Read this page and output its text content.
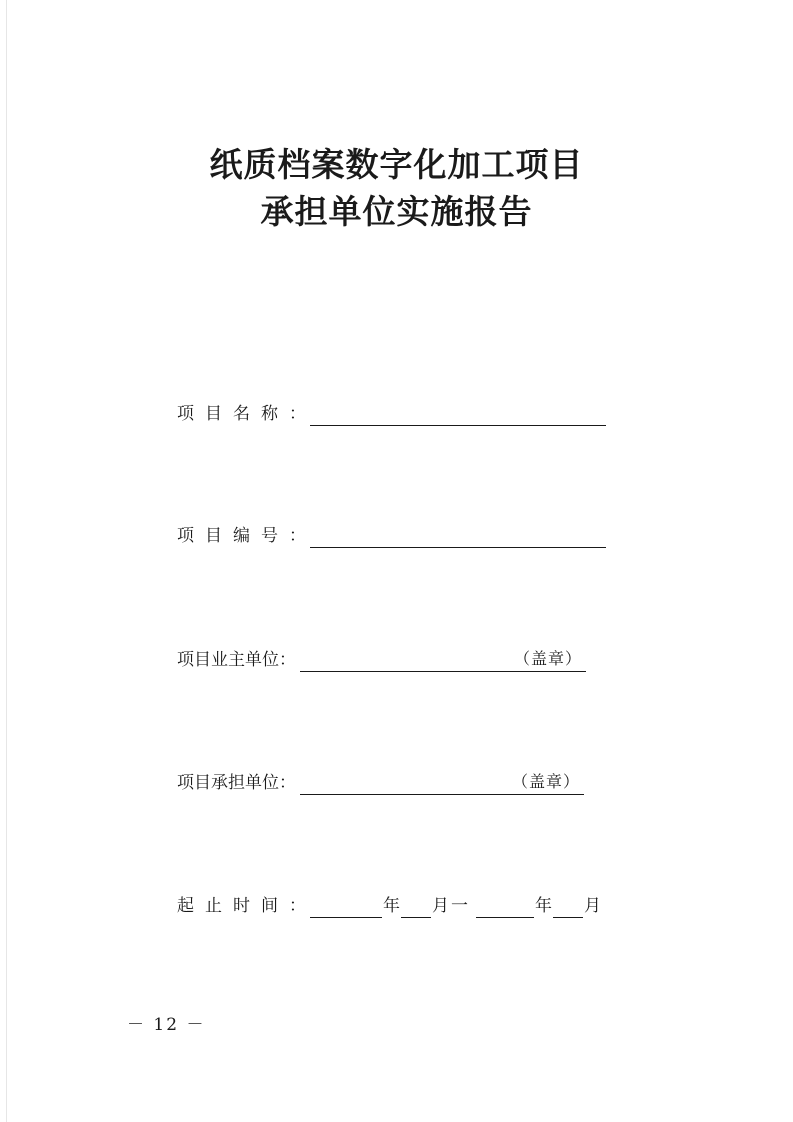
纸质档案数字化加工项目
承担单位实施报告
项目名称 ：
项目编号 ：
项目业主单位 ：	（盖章）
项目承担单位 ：	（盖章）
起止时间 ：	年 月 一	年 月
－ 12 －
